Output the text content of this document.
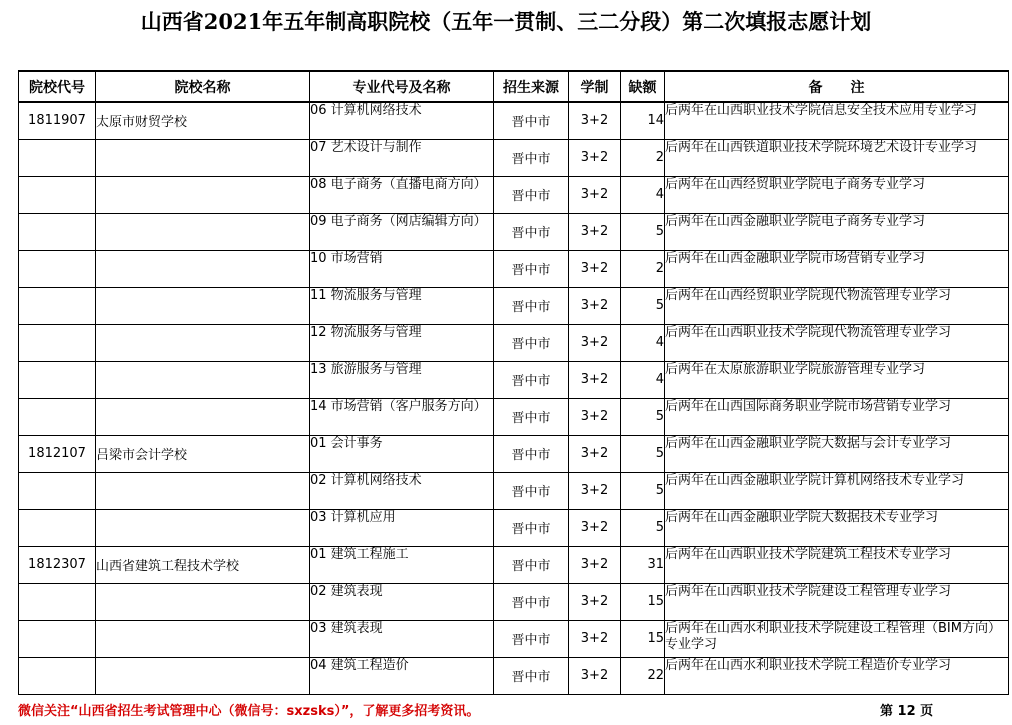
山西省2021年五年制高职院校（五年一贯制、三二分段）第二次填报志愿计划
院校代号	院校名称	专业代号及名称	招生来源	学制	缺额	备　　注
1811907	太原市财贸学校	06 计算机网络技术	晋中市	3+2	14	后两年在山西职业技术学院信息安全技术应用专业学习
		07 艺术设计与制作	晋中市	3+2	2	后两年在山西铁道职业技术学院环境艺术设计专业学习
		08 电子商务（直播电商方向）	晋中市	3+2	4	后两年在山西经贸职业学院电子商务专业学习
		09 电子商务（网店编辑方向）	晋中市	3+2	5	后两年在山西金融职业学院电子商务专业学习
		10 市场营销	晋中市	3+2	2	后两年在山西金融职业学院市场营销专业学习
		11 物流服务与管理	晋中市	3+2	5	后两年在山西经贸职业学院现代物流管理专业学习
		12 物流服务与管理	晋中市	3+2	4	后两年在山西职业技术学院现代物流管理专业学习
		13 旅游服务与管理	晋中市	3+2	4	后两年在太原旅游职业学院旅游管理专业学习
		14 市场营销（客户服务方向）	晋中市	3+2	5	后两年在山西国际商务职业学院市场营销专业学习
1812107	吕梁市会计学校	01 会计事务	晋中市	3+2	5	后两年在山西金融职业学院大数据与会计专业学习
		02 计算机网络技术	晋中市	3+2	5	后两年在山西金融职业学院计算机网络技术专业学习
		03 计算机应用	晋中市	3+2	5	后两年在山西金融职业学院大数据技术专业学习
1812307	山西省建筑工程技术学校	01 建筑工程施工	晋中市	3+2	31	后两年在山西职业技术学院建筑工程技术专业学习
		02 建筑表现	晋中市	3+2	15	后两年在山西职业技术学院建设工程管理专业学习
		03 建筑表现	晋中市	3+2	15	后两年在山西水利职业技术学院建设工程管理（BIM方向）专业学习
		04 建筑工程造价	晋中市	3+2	22	后两年在山西水利职业技术学院工程造价专业学习
微信关注“山西省招生考试管理中心（微信号：sxzsks）”，了解更多招考资讯。	第 12 页
